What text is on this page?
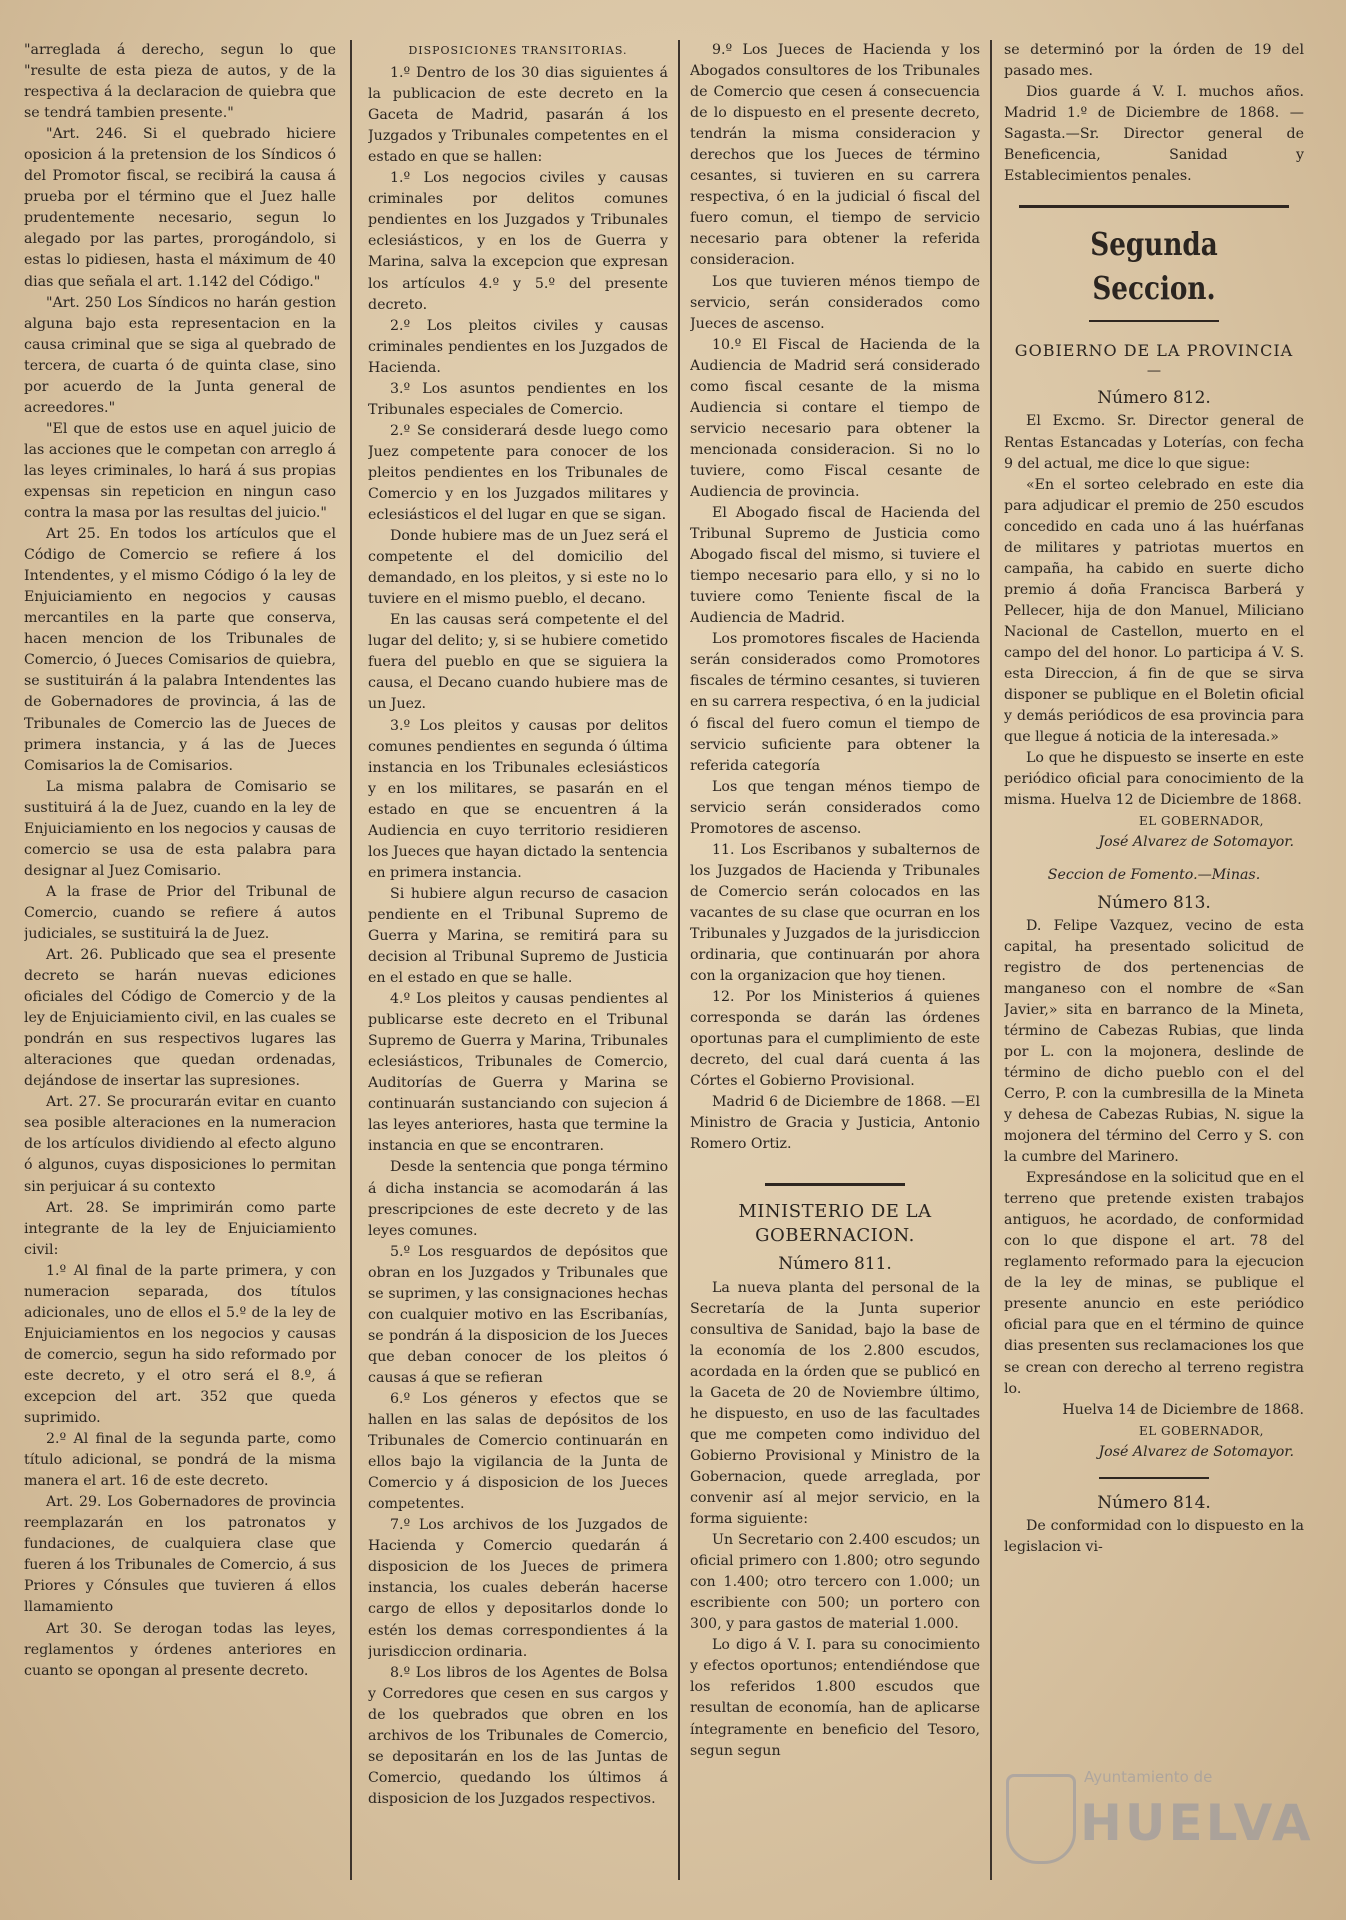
"arreglada á derecho, segun lo que "resulte de esta pieza de autos, y de la respectiva á la declaracion de quiebra que se tendrá tambien presente."

"Art. 246. Si el quebrado hiciere oposicion á la pretension de los Síndicos ó del Promotor fiscal, se recibirá la causa á prueba por el término que el Juez halle prudentemente necesario, segun lo alegado por las partes, prorogándolo, si estas lo pidiesen, hasta el máximum de 40 dias que señala el art. 1.142 del Código."

"Art. 250 Los Síndicos no harán gestion alguna bajo esta representacion en la causa criminal que se siga al quebrado de tercera, de cuarta ó de quinta clase, sino por acuerdo de la Junta general de acreedores."

"El que de estos use en aquel juicio de las acciones que le competan con arreglo á las leyes criminales, lo hará á sus propias expensas sin repeticion en ningun caso contra la masa por las resultas del juicio."

Art 25. En todos los artículos que el Código de Comercio se refiere á los Intendentes, y el mismo Código ó la ley de Enjuiciamiento en negocios y causas mercantiles en la parte que conserva, hacen mencion de los Tribunales de Comercio, ó Jueces Comisarios de quiebra, se sustituirán á la palabra Intendentes las de Gobernadores de provincia, á las de Tribunales de Comercio las de Jueces de primera instancia, y á las de Jueces Comisarios la de Comisarios.

La misma palabra de Comisario se sustituirá á la de Juez, cuando en la ley de Enjuiciamiento en los negocios y causas de comercio se usa de esta palabra para designar al Juez Comisario.

A la frase de Prior del Tribunal de Comercio, cuando se refiere á autos judiciales, se sustituirá la de Juez.

Art. 26. Publicado que sea el presente decreto se harán nuevas ediciones oficiales del Código de Comercio y de la ley de Enjuiciamiento civil, en las cuales se pondrán en sus respectivos lugares las alteraciones que quedan ordenadas, dejándose de insertar las supresiones.

Art. 27. Se procurarán evitar en cuanto sea posible alteraciones en la numeracion de los artículos dividiendo al efecto alguno ó algunos, cuyas disposiciones lo permitan sin perjuicar á su contexto

Art. 28. Se imprimirán como parte integrante de la ley de Enjuiciamiento civil:

1.º Al final de la parte primera, y con numeracion separada, dos títulos adicionales, uno de ellos el 5.º de la ley de Enjuiciamientos en los negocios y causas de comercio, segun ha sido reformado por este decreto, y el otro será el 8.º, á excepcion del art. 352 que queda suprimido.

2.º Al final de la segunda parte, como título adicional, se pondrá de la misma manera el art. 16 de este decreto.

Art. 29. Los Gobernadores de provincia reemplazarán en los patronatos y fundaciones, de cualquiera clase que fueren á los Tribunales de Comercio, á sus Priores y Cónsules que tuvieren á ellos llamamiento

Art 30. Se derogan todas las leyes, reglamentos y órdenes anteriores en cuanto se opongan al presente decreto.

DISPOSICIONES TRANSITORIAS.

1.º Dentro de los 30 dias siguientes á la publicacion de este decreto en la Gaceta de Madrid, pasarán á los Juzgados y Tribunales competentes en el estado en que se hallen:

1.º Los negocios civiles y causas criminales por delitos comunes pendientes en los Juzgados y Tribunales eclesiásticos, y en los de Guerra y Marina, salva la excepcion que expresan los artículos 4.º y 5.º del presente decreto.

2.º Los pleitos civiles y causas criminales pendientes en los Juzgados de Hacienda.

3.º Los asuntos pendientes en los Tribunales especiales de Comercio.

2.º Se considerará desde luego como Juez competente para conocer de los pleitos pendientes en los Tribunales de Comercio y en los Juzgados militares y eclesiásticos el del lugar en que se sigan.

Donde hubiere mas de un Juez será el competente el del domicilio del demandado, en los pleitos, y si este no lo tuviere en el mismo pueblo, el decano.

En las causas será competente el del lugar del delito; y, si se hubiere cometido fuera del pueblo en que se siguiera la causa, el Decano cuando hubiere mas de un Juez.

3.º Los pleitos y causas por delitos comunes pendientes en segunda ó última instancia en los Tribunales eclesiásticos y en los militares, se pasarán en el estado en que se encuentren á la Audiencia en cuyo territorio residieren los Jueces que hayan dictado la sentencia en primera instancia.

Si hubiere algun recurso de casacion pendiente en el Tribunal Supremo de Guerra y Marina, se remitirá para su decision al Tribunal Supremo de Justicia en el estado en que se halle.

4.º Los pleitos y causas pendientes al publicarse este decreto en el Tribunal Supremo de Guerra y Marina, Tribunales eclesiásticos, Tribunales de Comercio, Auditorías de Guerra y Marina se continuarán sustanciando con sujecion á las leyes anteriores, hasta que termine la instancia en que se encontraren.

Desde la sentencia que ponga término á dicha instancia se acomodarán á las prescripciones de este decreto y de las leyes comunes.

5.º Los resguardos de depósitos que obran en los Juzgados y Tribunales que se suprimen, y las consignaciones hechas con cualquier motivo en las Escribanías, se pondrán á la disposicion de los Jueces que deban conocer de los pleitos ó causas á que se refieran

6.º Los géneros y efectos que se hallen en las salas de depósitos de los Tribunales de Comercio continuarán en ellos bajo la vigilancia de la Junta de Comercio y á disposicion de los Jueces competentes.

7.º Los archivos de los Juzgados de Hacienda y Comercio quedarán á disposicion de los Jueces de primera instancia, los cuales deberán hacerse cargo de ellos y depositarlos donde lo estén los demas correspondientes á la jurisdiccion ordinaria.

8.º Los libros de los Agentes de Bolsa y Corredores que cesen en sus cargos y de los quebrados que obren en los archivos de los Tribunales de Comercio, se depositarán en los de las Juntas de Comercio, quedando los últimos á disposicion de los Juzgados respectivos.

9.º Los Jueces de Hacienda y los Abogados consultores de los Tribunales de Comercio que cesen á consecuencia de lo dispuesto en el presente decreto, tendrán la misma consideracion y derechos que los Jueces de término cesantes, si tuvieren en su carrera respectiva, ó en la judicial ó fiscal del fuero comun, el tiempo de servicio necesario para obtener la referida consideracion.

Los que tuvieren ménos tiempo de servicio, serán considerados como Jueces de ascenso.

10.º El Fiscal de Hacienda de la Audiencia de Madrid será considerado como fiscal cesante de la misma Audiencia si contare el tiempo de servicio necesario para obtener la mencionada consideracion. Si no lo tuviere, como Fiscal cesante de Audiencia de provincia.

El Abogado fiscal de Hacienda del Tribunal Supremo de Justicia como Abogado fiscal del mismo, si tuviere el tiempo necesario para ello, y si no lo tuviere como Teniente fiscal de la Audiencia de Madrid.

Los promotores fiscales de Hacienda serán considerados como Promotores fiscales de término cesantes, si tuvieren en su carrera respectiva, ó en la judicial ó fiscal del fuero comun el tiempo de servicio suficiente para obtener la referida categoría

Los que tengan ménos tiempo de servicio serán considerados como Promotores de ascenso.

11. Los Escribanos y subalternos de los Juzgados de Hacienda y Tribunales de Comercio serán colocados en las vacantes de su clase que ocurran en los Tribunales y Juzgados de la jurisdiccion ordinaria, que continuarán por ahora con la organizacion que hoy tienen.

12. Por los Ministerios á quienes corresponda se darán las órdenes oportunas para el cumplimiento de este decreto, del cual dará cuenta á las Córtes el Gobierno Provisional.

Madrid 6 de Diciembre de 1868. —El Ministro de Gracia y Justicia, Antonio Romero Ortiz.

MINISTERIO DE LA GOBERNACION.

Número 811.

La nueva planta del personal de la Secretaría de la Junta superior consultiva de Sanidad, bajo la base de la economía de los 2.800 escudos, acordada en la órden que se publicó en la Gaceta de 20 de Noviembre último, he dispuesto, en uso de las facultades que me competen como individuo del Gobierno Provisional y Ministro de la Gobernacion, quede arreglada, por convenir así al mejor servicio, en la forma siguiente:

Un Secretario con 2.400 escudos; un oficial primero con 1.800; otro segundo con 1.400; otro tercero con 1.000; un escribiente con 500; un portero con 300, y para gastos de material 1.000.

Lo digo á V. I. para su conocimiento y efectos oportunos; entendiéndose que los referidos 1.800 escudos que resultan de economía, han de aplicarse íntegramente en beneficio del Tesoro, segun segun

se determinó por la órden de 19 del pasado mes.

Dios guarde á V. I. muchos años. Madrid 1.º de Diciembre de 1868. —Sagasta.—Sr. Director general de Beneficencia, Sanidad y Establecimientos penales.

Segunda Seccion.

GOBIERNO DE LA PROVINCIA

—

Número 812.

El Excmo. Sr. Director general de Rentas Estancadas y Loterías, con fecha 9 del actual, me dice lo que sigue:

«En el sorteo celebrado en este dia para adjudicar el premio de 250 escudos concedido en cada uno á las huérfanas de militares y patriotas muertos en campaña, ha cabido en suerte dicho premio á doña Francisca Barberá y Pellecer, hija de don Manuel, Miliciano Nacional de Castellon, muerto en el campo del del honor. Lo participa á V. S. esta Direccion, á fin de que se sirva disponer se publique en el Boletin oficial y demás periódicos de esa provincia para que llegue á noticia de la interesada.»

Lo que he dispuesto se inserte en este periódico oficial para conocimiento de la misma. Huelva 12 de Diciembre de 1868.

EL GOBERNADOR,

José Alvarez de Sotomayor.

Seccion de Fomento.—Minas.

Número 813.

D. Felipe Vazquez, vecino de esta capital, ha presentado solicitud de registro de dos pertenencias de manganeso con el nombre de «San Javier,» sita en barranco de la Mineta, término de Cabezas Rubias, que linda por L. con la mojonera, deslinde de término de dicho pueblo con el del Cerro, P. con la cumbresilla de la Mineta y dehesa de Cabezas Rubias, N. sigue la mojonera del término del Cerro y S. con la cumbre del Marinero.

Expresándose en la solicitud que en el terreno que pretende existen trabajos antiguos, he acordado, de conformidad con lo que dispone el art. 78 del reglamento reformado para la ejecucion de la ley de minas, se publique el presente anuncio en este periódico oficial para que en el término de quince dias presenten sus reclamaciones los que se crean con derecho al terreno registra lo.

Huelva 14 de Diciembre de 1868.

EL GOBERNADOR,

José Alvarez de Sotomayor.

Número 814.

De conformidad con lo dispuesto en la legislacion vi-

Ayuntamiento de
HUELVA
